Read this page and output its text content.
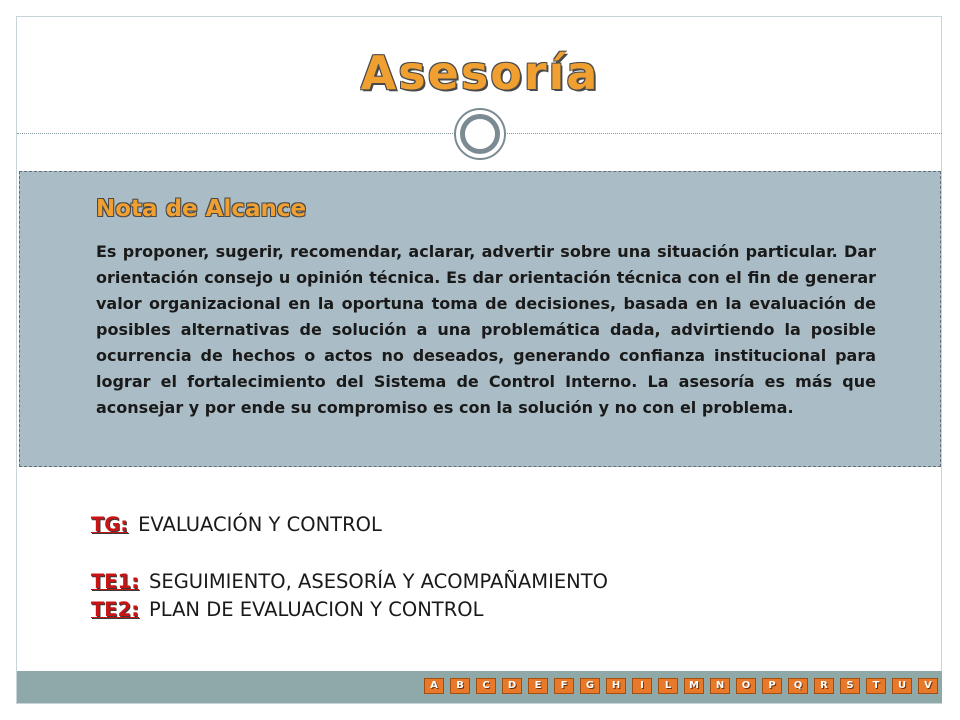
Asesoría
Nota de Alcance

Es proponer, sugerir, recomendar, aclarar, advertir sobre una situación particular. Dar orientación consejo u opinión técnica. Es dar orientación técnica con el fin de generar valor organizacional en la oportuna toma de decisiones, basada en la evaluación de posibles alternativas de solución a una problemática dada, advirtiendo la posible ocurrencia de hechos o actos no deseados, generando confianza institucional para lograr el fortalecimiento del Sistema de Control Interno. La asesoría es más que aconsejar y por ende su compromiso es con la solución y no con el problema.

TG: EVALUACIÓN Y CONTROL
TE1: SEGUIMIENTO, ASESORÍA Y ACOMPAÑAMIENTO
TE2: PLAN DE EVALUACION Y CONTROL
A	B	C	D	E	F	G	H	I	L	M	N	O	P	Q	R	S	T	U	V
